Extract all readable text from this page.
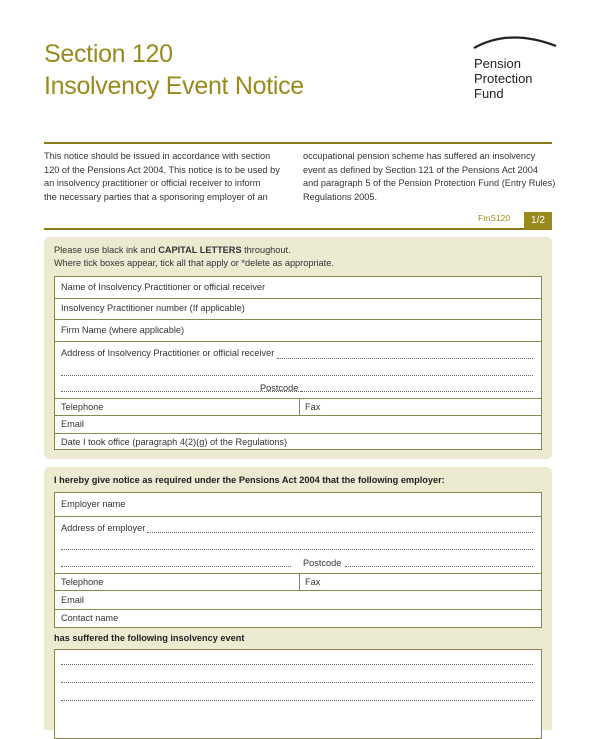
Section 120
Insolvency Event Notice
Pension
Protection
Fund
This notice should be issued in accordance with section
120 of the Pensions Act 2004. This notice is to be used by
an insolvency practitioner or official receiver to inform
the necessary parties that a sponsoring employer of an
occupational pension scheme has suffered an insolvency
event as defined by Section 121 of the Pensions Act 2004
and paragraph 5 of the Pension Protection Fund (Entry Rules)
Regulations 2005.
FmS120	1/2
Please use black ink and CAPITAL LETTERS throughout.
Where tick boxes appear, tick all that apply or *delete as appropriate.
Name of Insolvency Practitioner or official receiver
Insolvency Practitioner number (If applicable)
Firm Name (where applicable)
Address of Insolvency Practitioner or official receiver
Postcode
Telephone	Fax
Email
Date I took office (paragraph 4(2)(g) of the Regulations)
I hereby give notice as required under the Pensions Act 2004 that the following employer:
Employer name
Address of employer
Postcode
Telephone	Fax
Email
Contact name
has suffered the following insolvency event
